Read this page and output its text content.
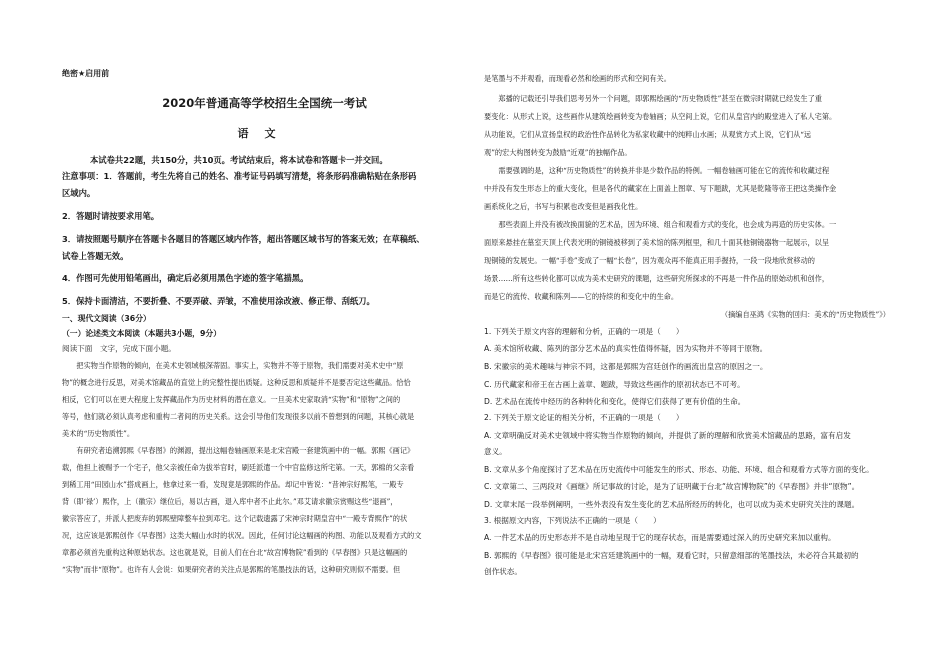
绝密★启用前
2020年普通高等学校招生全国统一考试
语文
本试卷共22题，共150分，共10页。考试结束后，将本试卷和答题卡一并交回。
注意事项：1．答题前，考生先将自己的姓名、准考证号码填写清楚，将条形码准确粘贴在条形码
区域内。
2．答题时请按要求用笔。
3．请按照题号顺序在答题卡各题目的答题区域内作答，超出答题区域书写的答案无效；在草稿纸、
试卷上答题无效。
4．作图可先使用铅笔画出，确定后必须用黑色字迹的签字笔描黑。
5．保持卡面清洁，不要折叠、不要弄破、弄皱，不准使用涂改液、修正带、刮纸刀。
一、现代文阅读（36分）
（一）论述类文本阅读（本题共3小题，9分）
阅读下面　文字，完成下面小题。
　　把实物当作原物的倾向，在美术史领域根深蒂固。事实上，实物并不等于原物，我们需要对美术史中“原
物”的概念进行反思，对美术馆藏品的直觉上的完整性提出质疑。这种反思和质疑并不是要否定这些藏品。恰恰
相反，它们可以在更大程度上发挥藏品作为历史材料的潜在意义。一旦美术史家取消“实物”和“原物”之间的
等号，他们就必须认真考虑和重构二者间的历史关系。这会引导他们发现很多以前不曾想到的问题，其核心就是
美术的“历史物质性”。
　　有研究者追溯郭熙《早春图》的渊源，提出这幅卷轴画原来是北宋宫殿一套建筑画中的一幅。郭熙《画记》
载，他担上被赐予一个宅子，他父亲被任命为拔举官时，刷廷派遣一个中官监修这所宅第。一天，郭棉的父亲看
到稀工用“田园山水”搭成画上，他拿过来一看，发现竟是郭熙的作品。却记中皆说：“昔神宗好熙笔，一殿专
背（即‘禄’）熙作，上（徽宗）继位后，易以古画，退入库中者不止此尔。”邓艾请求徽宗赏赐这些“退画”，
徽宗答应了，并派人把废弃的郭熙壁障整车拉到邓宅。这个记载遗露了宋神宗时期皇宫中“一殿专背熙作”的状
况，这应该是郭熙创作《早春图》这类大幅山水时的状况。因此，任何讨论这幅画的构图、功能以及观看方式的文
章都必须首先重构这种原始状态。这也就是说，目前人们在台北“故宫博物院”看到的《早春图》只是这幅画的
“实物”而非“原物”。也许有人会说：如果研究者的关注点是郭熙的笔墨技法的话，这种研究则似不需要。但
是笔墨与不并观看，而现看必然和绘画的形式和空间有关。
　　郑播的记载还引导我们思考另外一个问题，即郭熙绘画的“历史物质性”甚至在微宗时期就已经发生了重
要变化：从形式上说，这些画作从建筑绘画转变为卷轴画；从空间上说，它们从皇宫内的殿堂进入了私人宅第。
从功能说，它们从宣扬皇权的政治性作品转化为私家收藏中的纯粹山水画；从观赏方式上说，它们从“远
观”的宏大构图转变为鼓励“近观”的独幅作品。
　　需要强调的是，这种“历史物质性”的转换并非是少数作品的特例。一幅卷轴画可能在它的流传和收藏过程
中并没有发生形态上的重大变化，但是各代的藏家在上面盖上图章、写下题跋，尤其是乾隆等帝王把这类操作金
画系统化之后，书写与积累也改变但是画我化性。
　　那些表面上并没有被改换面貌的艺术品，因为环境、组合和观看方式的变化，也会成为再造的历史实体。一
面原来悬挂在墓室天顶上代表光明的铜镜被移到了美术馆的陈列框里，和几十面其他铜镜器物一起展示，以呈
现铜镜的发展史。一幅“手卷”变成了一幅“长卷”，因为观众再不能真正用手握持，一段一段地欣赏移动的
场景……所有这些转化都可以成为美术史研究的课题，这些研究所探求的不再是一件作品的原始动机和创作，
而是它的流传、收藏和陈列——它的持续的和变化中的生命。
（摘编自巫鸿《实物的回归：美术的“历史物质性”》）
1. 下列关于原文内容的理解和分析，正确的一项是（　　）
A. 美术馆所收藏、陈列的部分艺术品的真实性值得怀疑，因为实物并不等同于原物。
B. 宋徽宗的美术趣味与神宗不同，这都是郭熙为宫廷创作的画流出皇宫的原因之一。
C. 历代藏家和帝王在古画上盖章、题跋，导致这些画作的原初状态已不可考。
D. 艺术品在流传中经历的各种转化和变化，使得它们获得了更有价值的生命。
2. 下列关于原文论证的相关分析，不正确的一项是（　　）
A. 文章明确反对美术史领域中将实物当作原物的倾向，并提供了新的理解和欣赏美术馆藏品的思路，富有启发
意义。
B. 文章从多个角度探讨了艺术品在历史流传中可能发生的形式、形态、功能、环境、组合和观看方式等方面的变化。
C. 文章第二、三两段对《画继》所记事故的讨论，是为了证明藏于台北“故宫博物院”的《早春图》并非“原物”。
D. 文章末尾一段举例阐明，一些外表没有发生变化的艺术品所经历的转化，也可以成为美术史研究关注的课题。
3. 根据原文内容，下列说法不正确的一项是（　　）
A. 一件艺术品的历史形态并不是自动地呈现于它的现存状态，而是需要通过深入的历史研究来加以重构。
B. 郭熙的《早春图》很可能是北宋宫廷建筑画中的一幅，观看它时，只留意细部的笔墨技法，未必符合其最初的
创作状态。
